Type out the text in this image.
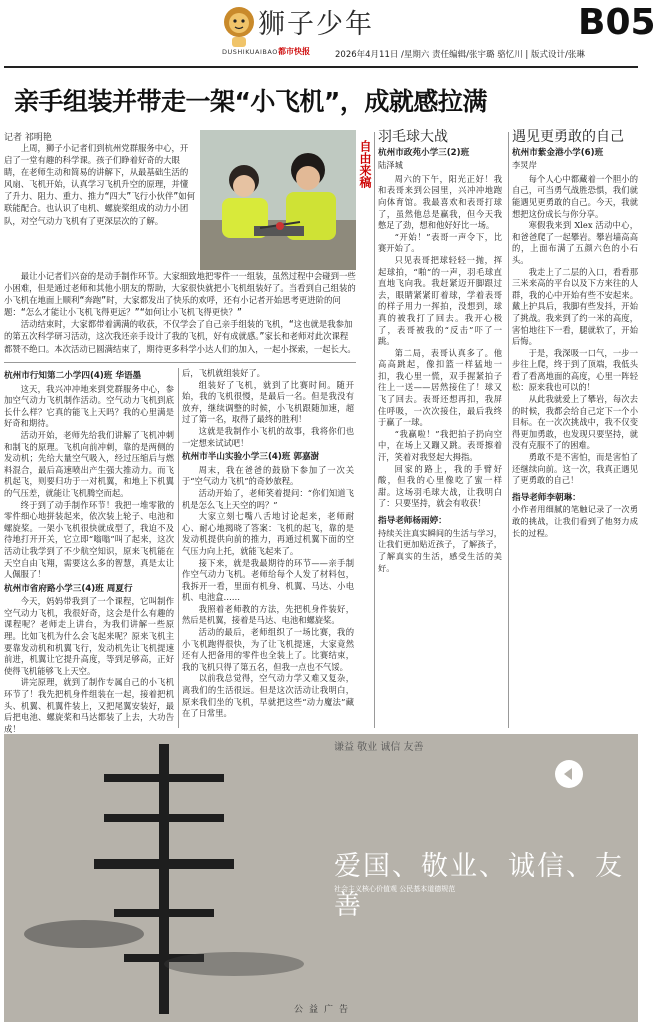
狮子少年
DUSHIKUAIBAO 都市快报	2026年4月11日 /星期六 责任编辑/张宇璐 骆忆川 | 版式设计/张琳
B05
亲手组装并带走一架“小飞机”，成就感拉满
记者 祁明艳
　　上周，狮子小记者们到杭州党群服务中心，开启了一堂有趣的科学课。孩子们睁着好奇的大眼睛，在老师生动和简易的讲解下，从最基础生活的风扇、飞机开始，认真学习飞机升空的原理，并懂了升力、阻力、重力、推力“四大”飞行小伙伴”如何联能配合。也认识了电机、螺旋桨组成的动力小团队，对空气动力飞机有了更深层次的了解。
　　最让小记者们兴奋的是动手制作环节。大家细致地把零件一一组装，虽然过程中会碰到一些小困难，但是通过老师和其他小朋友的帮助，大家很快就把小飞机组装好了。当看到自己组装的小飞机在地面上顺利“奔跑”时，大家都发出了快乐的欢呼，还有小记者开始思考更进阶的问题：“怎么才能让小飞机飞得更远？”“如何让小飞机飞得更快？”
　　活动结束时，大家都带着满满的收获，不仅学会了自己亲手组装的飞机，“这也就是我参加的第五次科学研习活动，这次我还亲手设计了我的飞机，好有成就感。”家长和老师对此次课程都赞不绝口。本次活动已圆满结束了，期待更多科学小达人们的加入，一起小探索，一起长大。
自由来稿
杭州市行知第二小学四(4)班 华语墨

这天，我兴冲冲地来到党群服务中心，参加空气动力飞机制作活动。空气动力飞机到底长什么样？它真的能飞上天吗？我的心里满是好奇和期待。

活动开始，老师先给我们讲解了飞机冲刺和制飞的原理。飞机向前冲刺，靠的是两侧的发动机；先给大量空气吸入，经过压缩后与燃料混合，最后高速喷出产生强大推动力。而飞机起飞，则要归功于一对机翼，和地上下机翼的气压差，就能让飞机腾空而起。

终于到了动手制作环节！我把一堆零散的零件细心地拼装起来，依次装上轮子、电池和螺旋桨。一架小飞机很快就成型了，我迫不及待地打开开关，它立即“嗡嗡”叫了起来，这次活动让我学到了不少航空知识，原来飞机能在天空自由飞翔，需要这么多的智慧，真是太让人佩服了！

杭州市省府路小学三(4)班 周夏行

今天，妈妈带我到了一个课程，它叫制作空气动力飞机，我很好奇，这会是什么有趣的课程呢？老师走上讲台，为我们讲解一些原理。比如飞机为什么会飞起来呢？原来飞机主要靠发动机和机翼飞行，发动机先让飞机提速前进，机翼让它提升高度，等到足够高，正好使得飞机能够飞上天空。

讲完原理，就到了制作专属自己的小飞机环节了！我先把机身件组装在一起，接着把机头、机翼、机翼件装上，又把尾翼安装好，最后把电池、螺旋桨和马达都装了上去，大功告成！

后，飞机就组装好了。

组装好了飞机，就到了比赛时间。随开始，我的飞机很慢，是最后一名。但是我没有放弃，继续调整的时候，小飞机跟随加速，超过了第一名，取得了最终的胜利！

这就是我制作小飞机的故事，我将你们也一定想来试试吧！

杭州市半山实验小学三(4)班 郭嘉澍

周末，我在爸爸的鼓励下参加了一次关于“空气动力飞机”的奇妙旅程。

活动开始了，老师笑着提问：“你们知道飞机是怎么飞上天空的吗？”

大家立刻七嘴八舌地讨论起来，老师耐心、耐心地揭晓了答案：飞机的起飞，靠的是发动机提供向前的推力，再通过机翼下面的空气压力向上托，就能飞起来了。

接下来，就是我最期待的环节——亲手制作空气动力飞机。老师给每个人发了材料包，我拆开一看，里面有机身、机翼、马达、小电机、电池盒……

我照着老师教的方法，先把机身件装好，然后是机翼，接着是马达、电池和螺旋桨。

活动的最后，老师组织了一场比赛，我的小飞机跑得很快，为了让飞机提速，大家竟然还有人把备用的零件也全装上了。比赛结束，我的飞机只得了第五名，但我一点也不气馁。

以前我总觉得，空气动力学又难又复杂，离我们的生活很远。但是这次活动让我明白，原来我们坐的飞机，早就把这些“动力魔法”藏在了日常里。

羽毛球大战
杭州市政苑小学三(2)班
陆泽城

周六的下午，阳光正好！我和表哥来到公园里，兴冲冲地跑向体育馆。我最喜欢和表哥打球了，虽然他总是赢我，但今天我憋足了劲，想和他好好比一场。

“开始！”表哥一声令下，比赛开始了。

只见表哥把球轻轻一抛，挥起球拍，“啪”的一声，羽毛球直直地飞向我。我赶紧迈开脚跟过去，眼睛紧紧盯着球，学着表哥的样子用力一挥拍，没想到，球真的被我打了回去。我开心极了，表哥被我的“反击”吓了一跳。

第二局，表哥认真多了。他高高跳起，像扣篮一样猛地一扣，我心里一慌，双手握紧拍子往上一送——居然接住了！球又飞了回去。表哥还想再扣，我屏住呼吸，一次次接住，最后我终于赢了一球。

“我赢啦！”我把拍子扔向空中，在场上又蹦又跳。表哥擦着汗，笑着对我竖起大拇指。

回家的路上，我的手臂好酸，但我的心里像吃了蜜一样甜。这场羽毛球大战，让我明白了：只要坚持，就会有收获！

指导老师杨雨婷：
持续关注真实瞬间的生活与学习，让我们更加贴近孩子，了解孩子，了解真实的生活，感受生活的美好。
遇见更勇敢的自己
杭州市紫金港小学(6)班
李炅岸

每个人心中都藏着一个胆小的自己，可当勇气战胜恐惧，我们就能遇见更勇敢的自己。今天，我就想把这份成长与你分享。

寒假我来到 Xlex 活动中心，和爸爸爬了一起攀岩。攀岩墙高高的，上面布满了五颜六色的小石头。

我走上了二层的入口，看看那三米来高的平台以及下方来往的人群，我的心中开始有些不安起来。戴上护具后，我脚有些发抖，开始了挑战。我来到了约一米的高度，害怕地往下一看，腿就软了，开始后悔。

于是，我深吸一口气，一步一步往上爬，终于到了顶端，我低头看了看离地面的高度，心里一阵轻松：原来我也可以的！

从此我就爱上了攀岩，每次去的时候，我都会给自己定下一个小目标。在一次次挑战中，我不仅变得更加勇敢，也发现只要坚持，就没有克服不了的困难。

勇敢不是不害怕，而是害怕了还继续向前。这一次，我真正遇见了更勇敢的自己！

指导老师李朝琳：
小作者用细腻的笔触记录了一次勇敢的挑战，让我们看到了他努力成长的过程。
谦益 敬业 诚信 友善
爱国、敬业、诚信、友善
社会主义核心价值观 公民基本道德规范
公益广告
